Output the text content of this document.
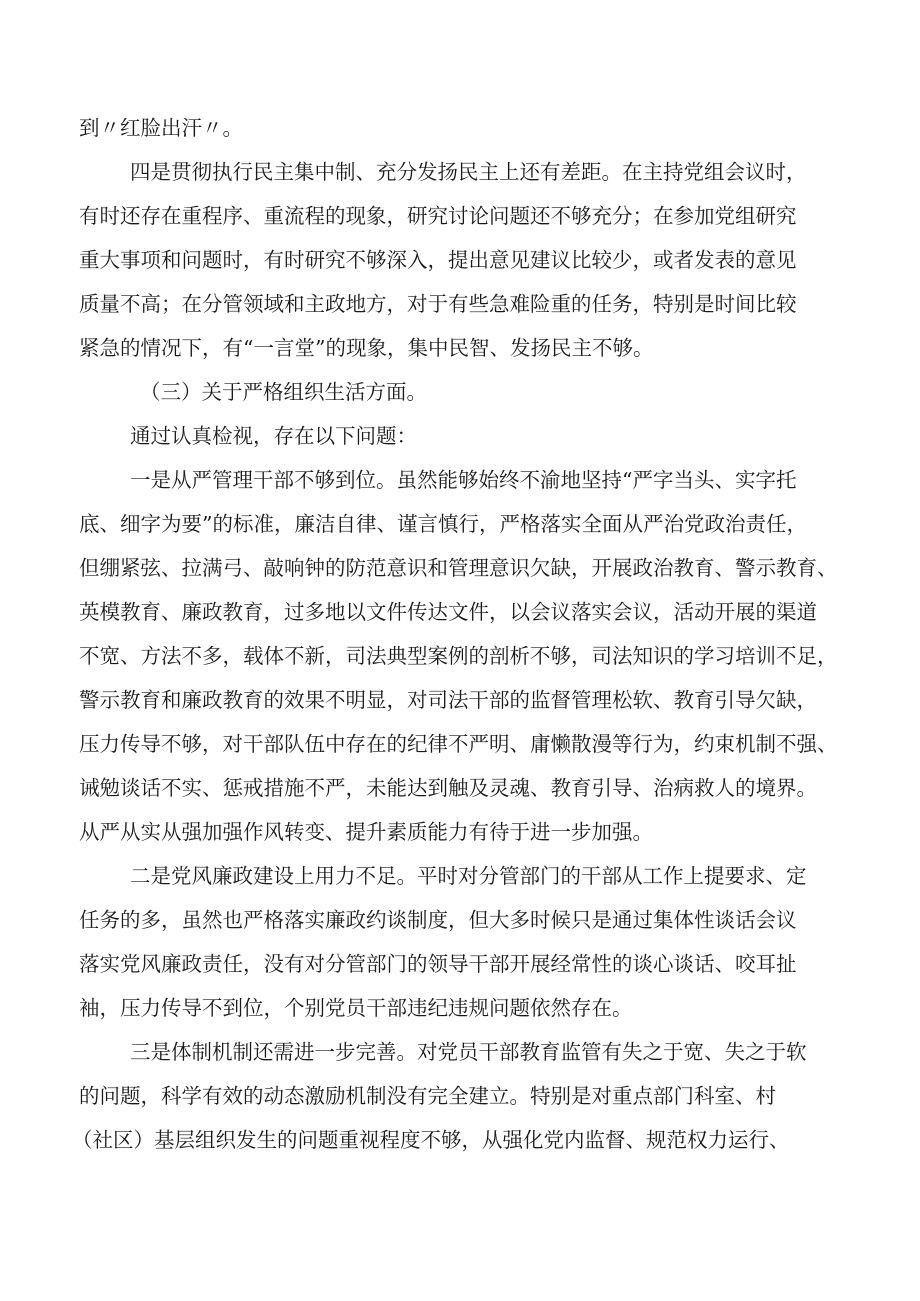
到〃红脸出汗〃。
四是贯彻执行民主集中制、充分发扬民主上还有差距。在主持党组会议时，
有时还存在重程序、重流程的现象，研究讨论问题还不够充分；在参加党组研究
重大事项和问题时，有时研究不够深入，提出意见建议比较少，或者发表的意见
质量不高；在分管领域和主政地方，对于有些急难险重的任务，特别是时间比较
紧急的情况下，有“一言堂”的现象，集中民智、发扬民主不够。
（三）关于严格组织生活方面。
通过认真检视，存在以下问题：
一是从严管理干部不够到位。虽然能够始终不渝地坚持“严字当头、实字托
底、细字为要”的标准，廉洁自律、谨言慎行，严格落实全面从严治党政治责任，
但绷紧弦、拉满弓、敲响钟的防范意识和管理意识欠缺，开展政治教育、警示教育、
英模教育、廉政教育，过多地以文件传达文件，以会议落实会议，活动开展的渠道
不宽、方法不多，载体不新，司法典型案例的剖析不够，司法知识的学习培训不足，
警示教育和廉政教育的效果不明显，对司法干部的监督管理松软、教育引导欠缺，
压力传导不够，对干部队伍中存在的纪律不严明、庸懒散漫等行为，约束机制不强、
诫勉谈话不实、惩戒措施不严，未能达到触及灵魂、教育引导、治病救人的境界。
从严从实从强加强作风转变、提升素质能力有待于进一步加强。
二是党风廉政建设上用力不足。平时对分管部门的干部从工作上提要求、定
任务的多，虽然也严格落实廉政约谈制度，但大多时候只是通过集体性谈话会议
落实党风廉政责任，没有对分管部门的领导干部开展经常性的谈心谈话、咬耳扯
袖，压力传导不到位，个别党员干部违纪违规问题依然存在。
三是体制机制还需进一步完善。对党员干部教育监管有失之于宽、失之于软
的问题，科学有效的动态激励机制没有完全建立。特别是对重点部门科室、村
（社区）基层组织发生的问题重视程度不够，从强化党内监督、规范权力运行、
